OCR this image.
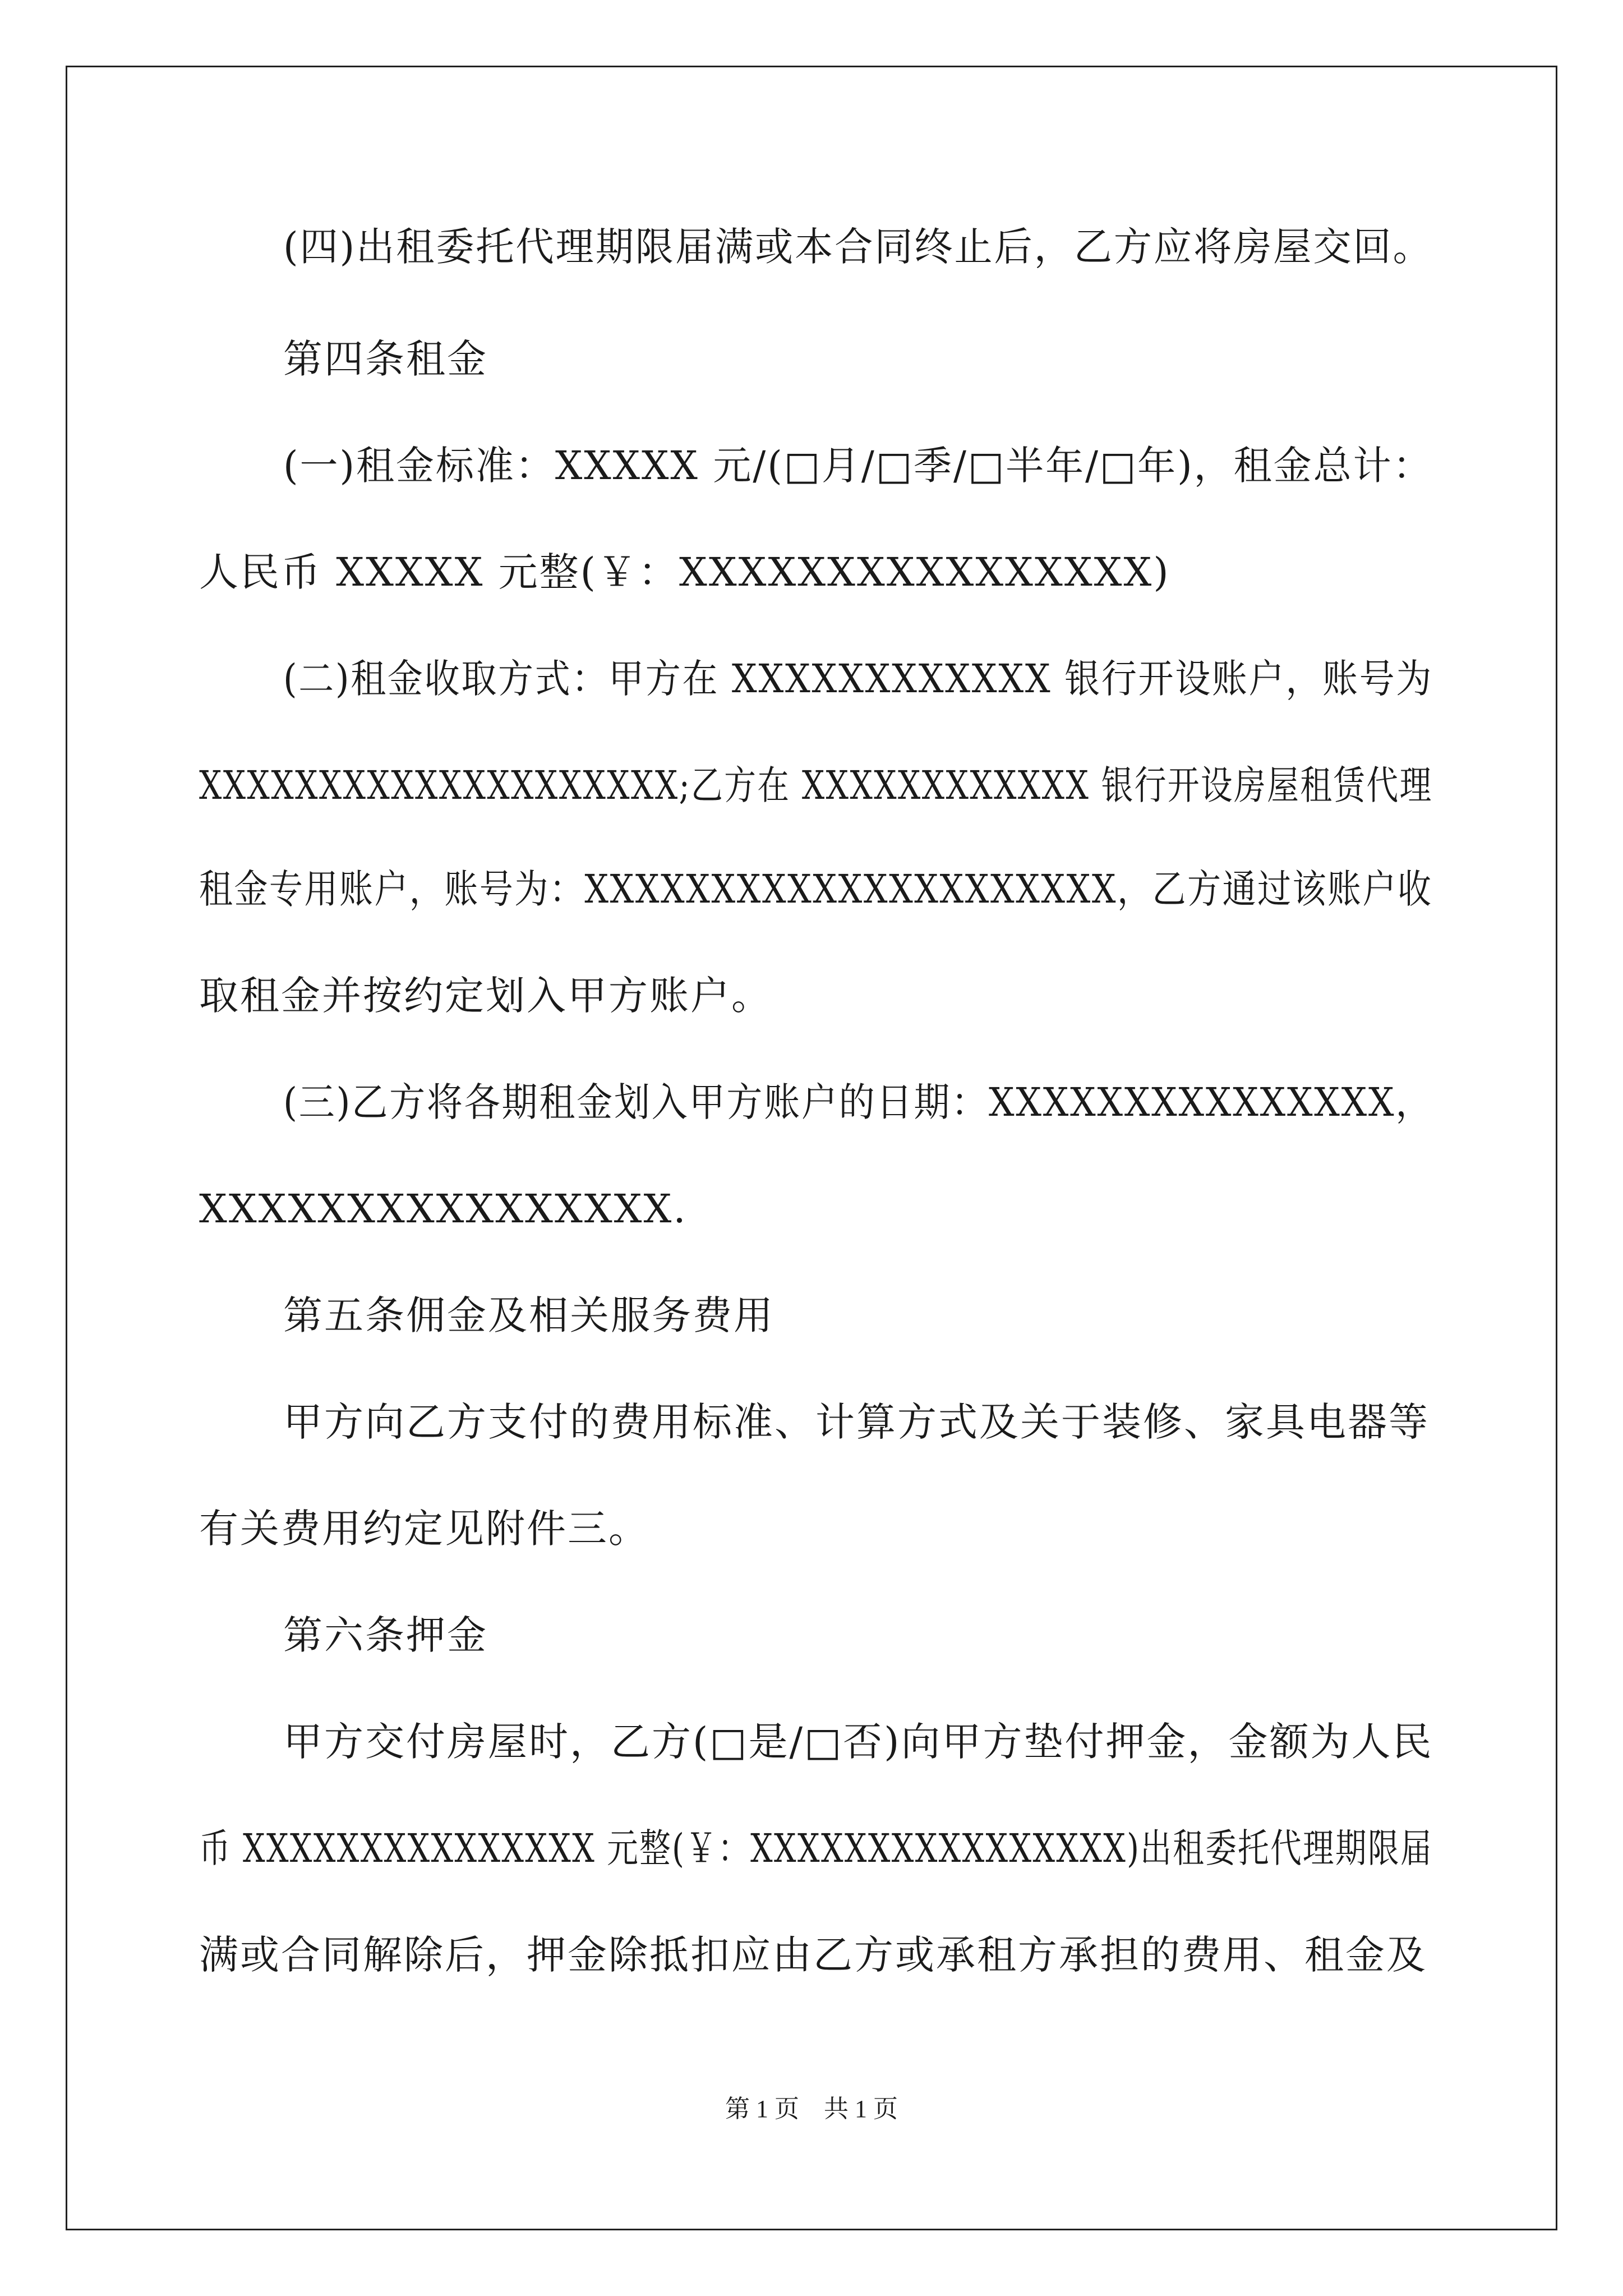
(四)出租委托代理期限届满或本合同终止后，乙方应将房屋交回。
第四条租金
(一)租金标准：XXXXX 元/(□月/□季/□半年/□年)，租金总计：
人民币 XXXXX 元整(￥：XXXXXXXXXXXXXXXX)
(二)租金收取方式：甲方在 XXXXXXXXXXXX 银行开设账户，账号为
XXXXXXXXXXXXXXXXXXXX;乙方在 XXXXXXXXXXXX 银行开设房屋租赁代理
租金专用账户，账号为：XXXXXXXXXXXXXXXXXXXXX，乙方通过该账户收
取租金并按约定划入甲方账户。
(三)乙方将各期租金划入甲方账户的日期：XXXXXXXXXXXXXXX，
XXXXXXXXXXXXXXXX.
第五条佣金及相关服务费用
甲方向乙方支付的费用标准、计算方式及关于装修、家具电器等
有关费用约定见附件三。
第六条押金
甲方交付房屋时，乙方(□是/□否)向甲方垫付押金，金额为人民
币 XXXXXXXXXXXXXXX 元整(￥：XXXXXXXXXXXXXXXX)出租委托代理期限届
满或合同解除后，押金除抵扣应由乙方或承租方承担的费用、租金及
第 1 页　共 1 页
